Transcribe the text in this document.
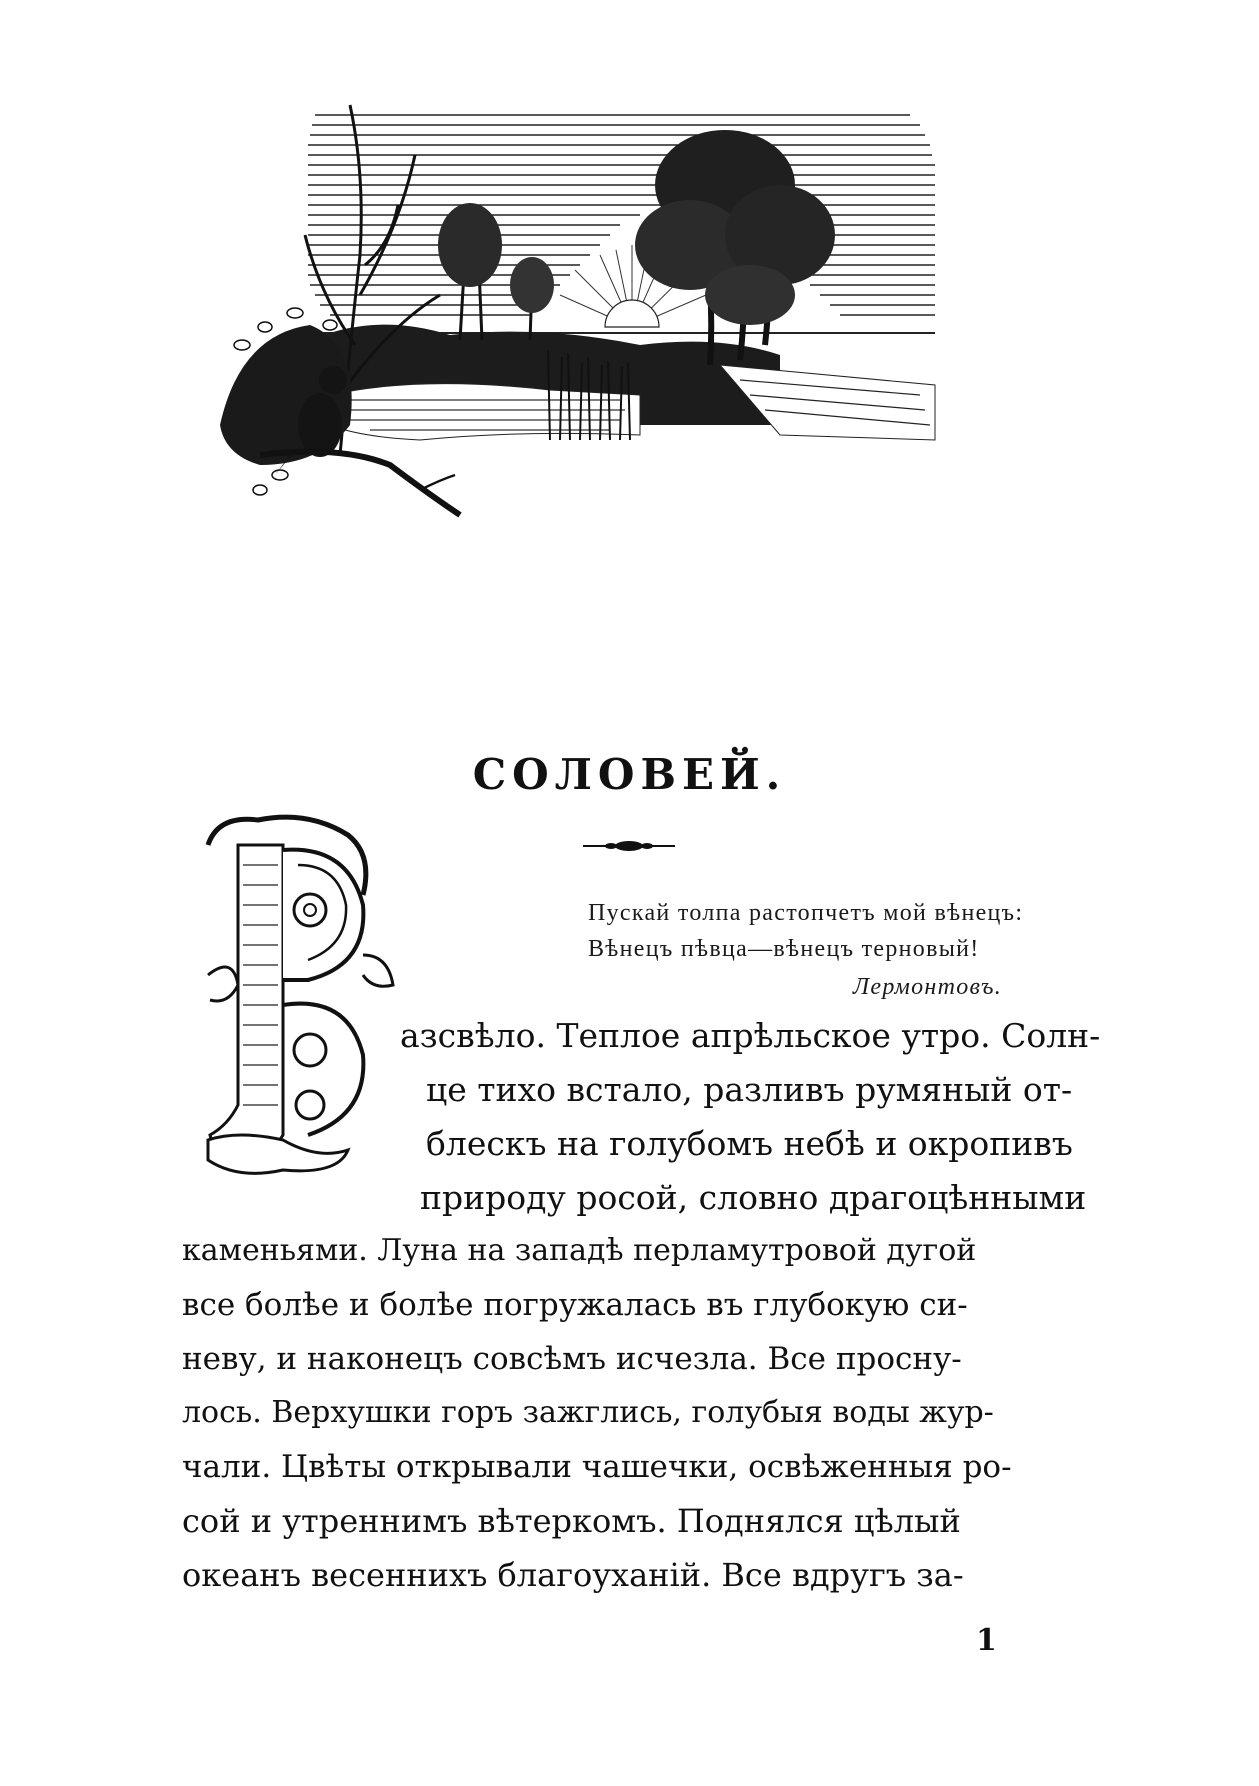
СОЛОВЕЙ.
Пускай толпа растопчетъ мой вѣнецъ:
Вѣнецъ пѣвца—вѣнецъ терновый!
Лермонтовъ.
азсвѣло. Теплое апрѣльское утро. Солн-
це тихо встало, разливъ румяный от-
блескъ на голубомъ небѣ и окропивъ
природу росой, словно драгоцѣнными
каменьями. Луна на западѣ перламутровой дугой
все болѣе и болѣе погружалась въ глубокую си-
неву, и наконецъ совсѣмъ исчезла. Все просну-
лось. Верхушки горъ зажглись, голубыя воды жур-
чали. Цвѣты открывали чашечки, освѣженныя ро-
сой и утреннимъ вѣтеркомъ. Поднялся цѣлый
океанъ весеннихъ благоуханій. Все вдругъ за-
1
